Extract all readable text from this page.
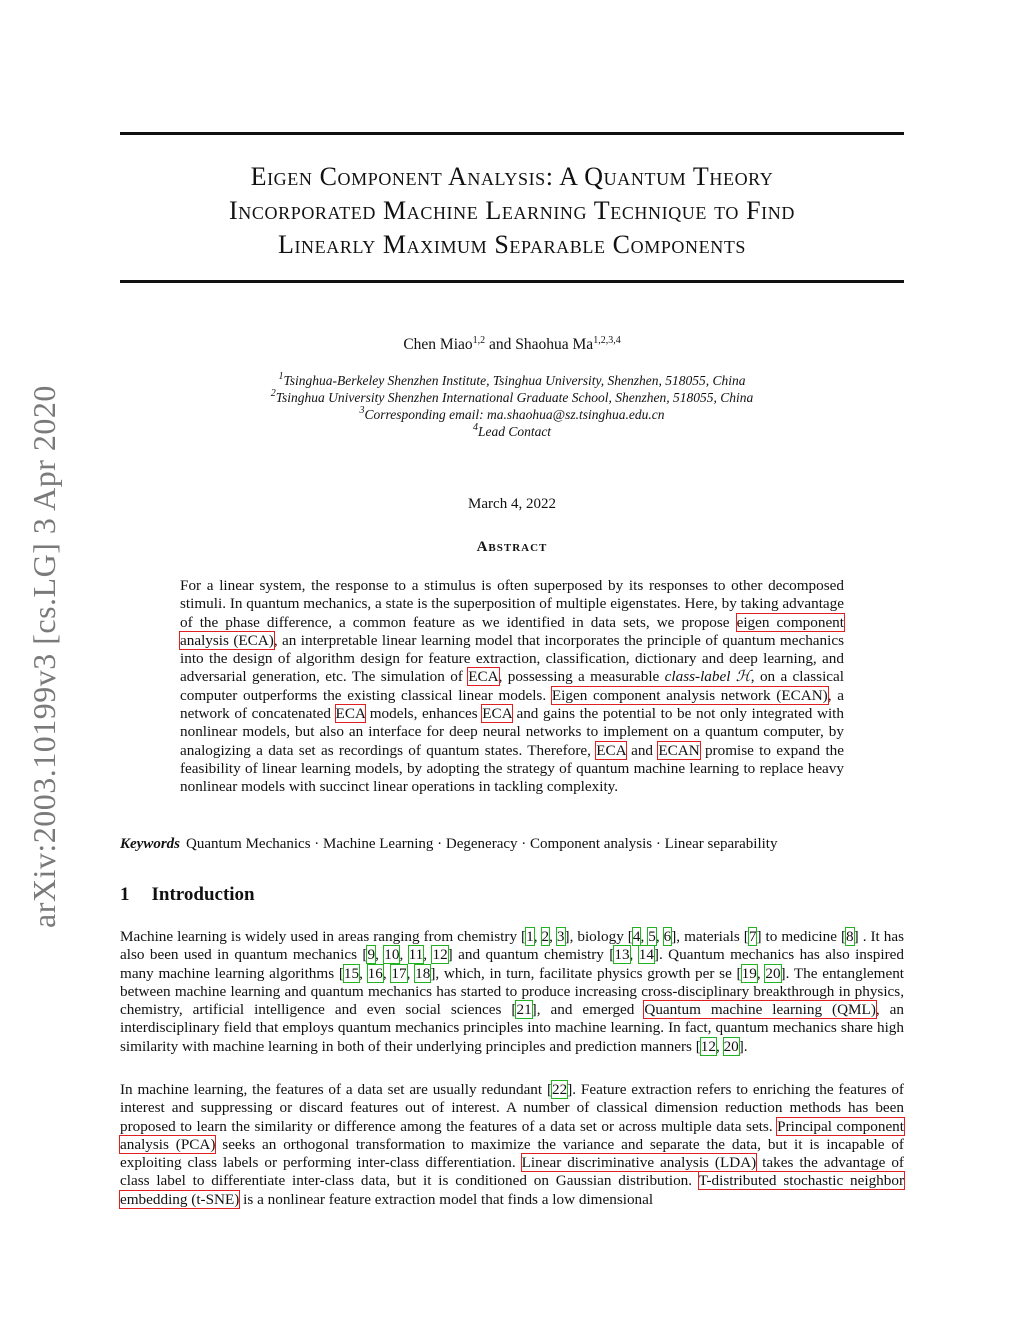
arXiv:2003.10199v3 [cs.LG] 3 Apr 2020
Eigen Component Analysis: A Quantum Theory
Incorporated Machine Learning Technique to Find
Linearly Maximum Separable Components
Chen Miao$^{1,2}$ and Shaohua Ma$^{1,2,3,4}$
$^1$Tsinghua-Berkeley Shenzhen Institute, Tsinghua University, Shenzhen, 518055, China
$^2$Tsinghua University Shenzhen International Graduate School, Shenzhen, 518055, China
$^3$Corresponding email: ma.shaohua@sz.tsinghua.edu.cn
$^4$Lead Contact
March 4, 2022
Abstract

For a linear system, the response to a stimulus is often superposed by its responses to other decomposed stimuli. In quantum mechanics, a state is the superposition of multiple eigenstates. Here, by taking advantage of the phase difference, a common feature as we identified in data sets, we propose eigen component analysis (ECA), an interpretable linear learning model that incorporates the principle of quantum mechanics into the design of algorithm design for feature extraction, classification, dictionary and deep learning, and adversarial generation, etc. The simulation of ECA, possessing a measurable class-label ℋ, on a classical computer outperforms the existing classical linear models. Eigen component analysis network (ECAN), a network of concatenated ECA models, enhances ECA and gains the potential to be not only integrated with nonlinear models, but also an interface for deep neural networks to implement on a quantum computer, by analogizing a data set as recordings of quantum states. Therefore, ECA and ECAN promise to expand the feasibility of linear learning models, by adopting the strategy of quantum machine learning to replace heavy nonlinear models with succinct linear operations in tackling complexity.

Keywords Quantum Mechanics · Machine Learning · Degeneracy · Component analysis · Linear separability
1 Introduction

Machine learning is widely used in areas ranging from chemistry [1, 2, 3], biology [4, 5, 6], materials [7] to medicine [8] . It has also been used in quantum mechanics [9, 10, 11, 12] and quantum chemistry [13, 14]. Quantum mechanics has also inspired many machine learning algorithms [15, 16, 17, 18], which, in turn, facilitate physics growth per se [19, 20]. The entanglement between machine learning and quantum mechanics has started to produce increasing cross-disciplinary breakthrough in physics, chemistry, artificial intelligence and even social sciences [21], and emerged Quantum machine learning (QML), an interdisciplinary field that employs quantum mechanics principles into machine learning. In fact, quantum mechanics share high similarity with machine learning in both of their underlying principles and prediction manners [12, 20].

In machine learning, the features of a data set are usually redundant [22]. Feature extraction refers to enriching the features of interest and suppressing or discard features out of interest. A number of classical dimension reduction methods has been proposed to learn the similarity or difference among the features of a data set or across multiple data sets. Principal component analysis (PCA) seeks an orthogonal transformation to maximize the variance and separate the data, but it is incapable of exploiting class labels or performing inter-class differentiation. Linear discriminative analysis (LDA) takes the advantage of class label to differentiate inter-class data, but it is conditioned on Gaussian distribution. T-distributed stochastic neighbor embedding (t-SNE) is a nonlinear feature extraction model that finds a low dimensional
